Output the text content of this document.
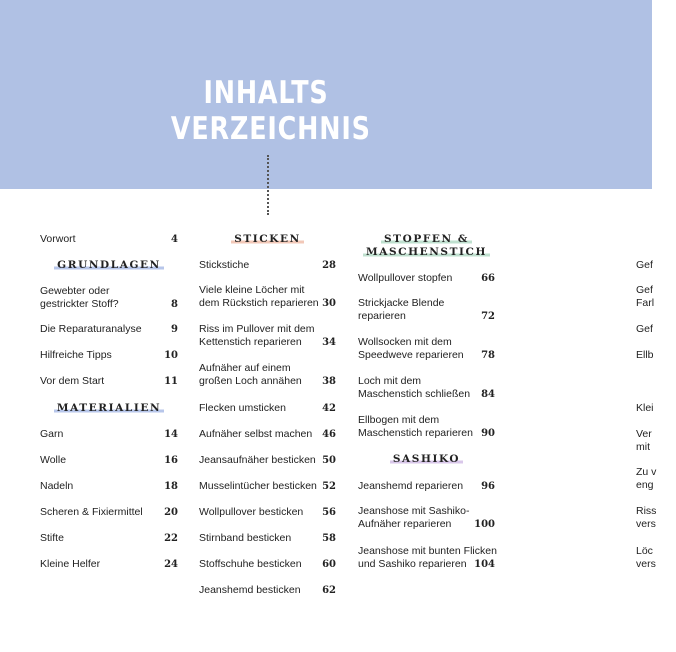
INHALTS
VERZEICHNIS
Vorwort	4
GRUNDLAGEN
Gewebter oder
gestrickter Stoff?	8
Die Reparaturanalyse	9
Hilfreiche Tipps	10
Vor dem Start	11
MATERIALIEN
Garn	14
Wolle	16
Nadeln	18
Scheren & Fixiermittel 20
Stifte	22
Kleine Helfer	24
STICKEN
Stickstiche	28
Viele kleine Löcher mit
dem Rückstich reparieren 30
Riss im Pullover mit dem
Kettenstich reparieren	34
Aufnäher auf einem
großen Loch annähen 38
Flecken umsticken	42
Aufnäher selbst machen 46
Jeansaufnäher besticken 50
Musselintücher besticken 52
Wollpullover besticken 56
Stirnband besticken	58
Stoffschuhe besticken 60
Jeanshemd besticken 62
STOPFEN &
MASCHENSTICH
Wollpullover stopfen	66
Strickjacke Blende
reparieren	72
Wollsocken mit dem
Speedweve reparieren 78
Loch mit dem
Maschenstich schließen 84
Ellbogen mit dem
Maschenstich reparieren 90
SASHIKO
Jeanshemd reparieren 96
Jeanshose mit Sashiko-
Aufnäher reparieren	100
Jeanshose mit bunten Flicken
und Sashiko reparieren 104
Gef
Gef
Farl
Gef
Ellb
Klei
Ver
mit
Zu v
eng
Riss
vers
Löc
vers
